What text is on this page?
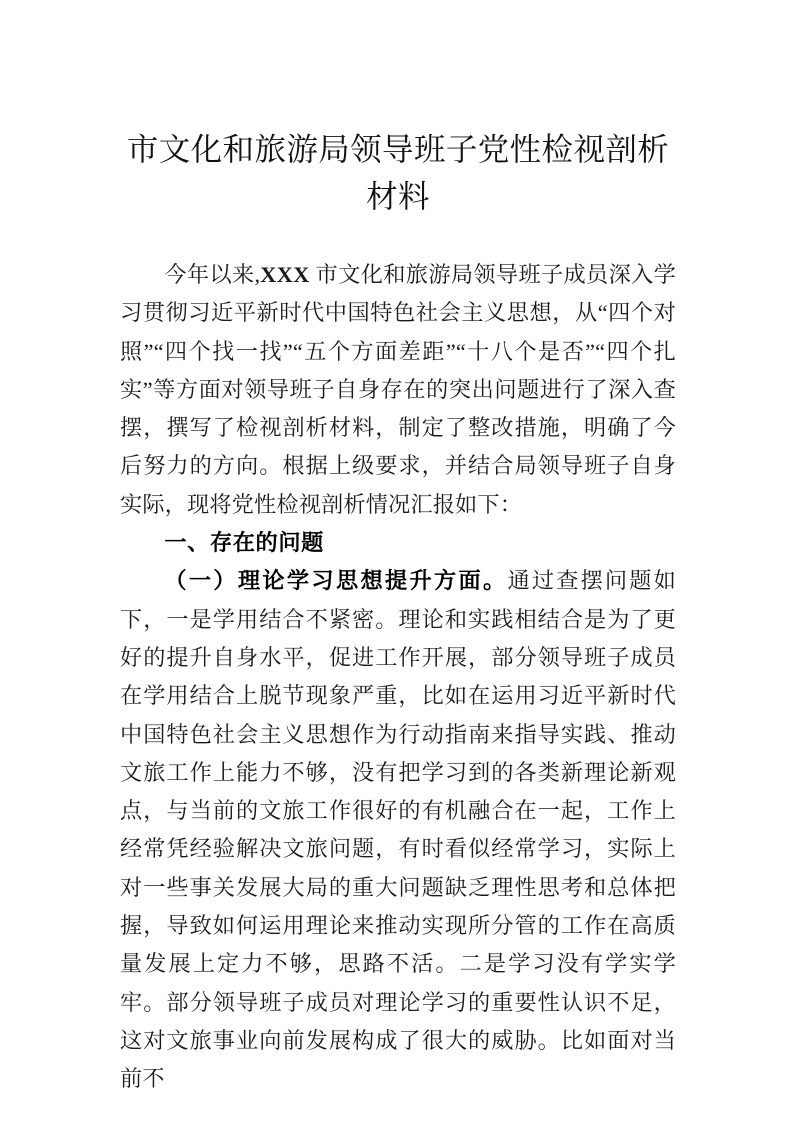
市文化和旅游局领导班子党性检视剖析材料

今年以来,XXX 市文化和旅游局领导班子成员深入学习贯彻习近平新时代中国特色社会主义思想，从“四个对照”“四个找一找”“五个方面差距”“十八个是否”“四个扎实”等方面对领导班子自身存在的突出问题进行了深入查摆，撰写了检视剖析材料，制定了整改措施，明确了今后努力的方向。根据上级要求，并结合局领导班子自身实际，现将党性检视剖析情况汇报如下：

一、存在的问题

（一）理论学习思想提升方面。通过查摆问题如下，一是学用结合不紧密。理论和实践相结合是为了更好的提升自身水平，促进工作开展，部分领导班子成员在学用结合上脱节现象严重，比如在运用习近平新时代中国特色社会主义思想作为行动指南来指导实践、推动文旅工作上能力不够，没有把学习到的各类新理论新观点，与当前的文旅工作很好的有机融合在一起，工作上经常凭经验解决文旅问题，有时看似经常学习，实际上对一些事关发展大局的重大问题缺乏理性思考和总体把握，导致如何运用理论来推动实现所分管的工作在高质量发展上定力不够，思路不活。二是学习没有学实学牢。部分领导班子成员对理论学习的重要性认识不足，这对文旅事业向前发展构成了很大的威胁。比如面对当前不
